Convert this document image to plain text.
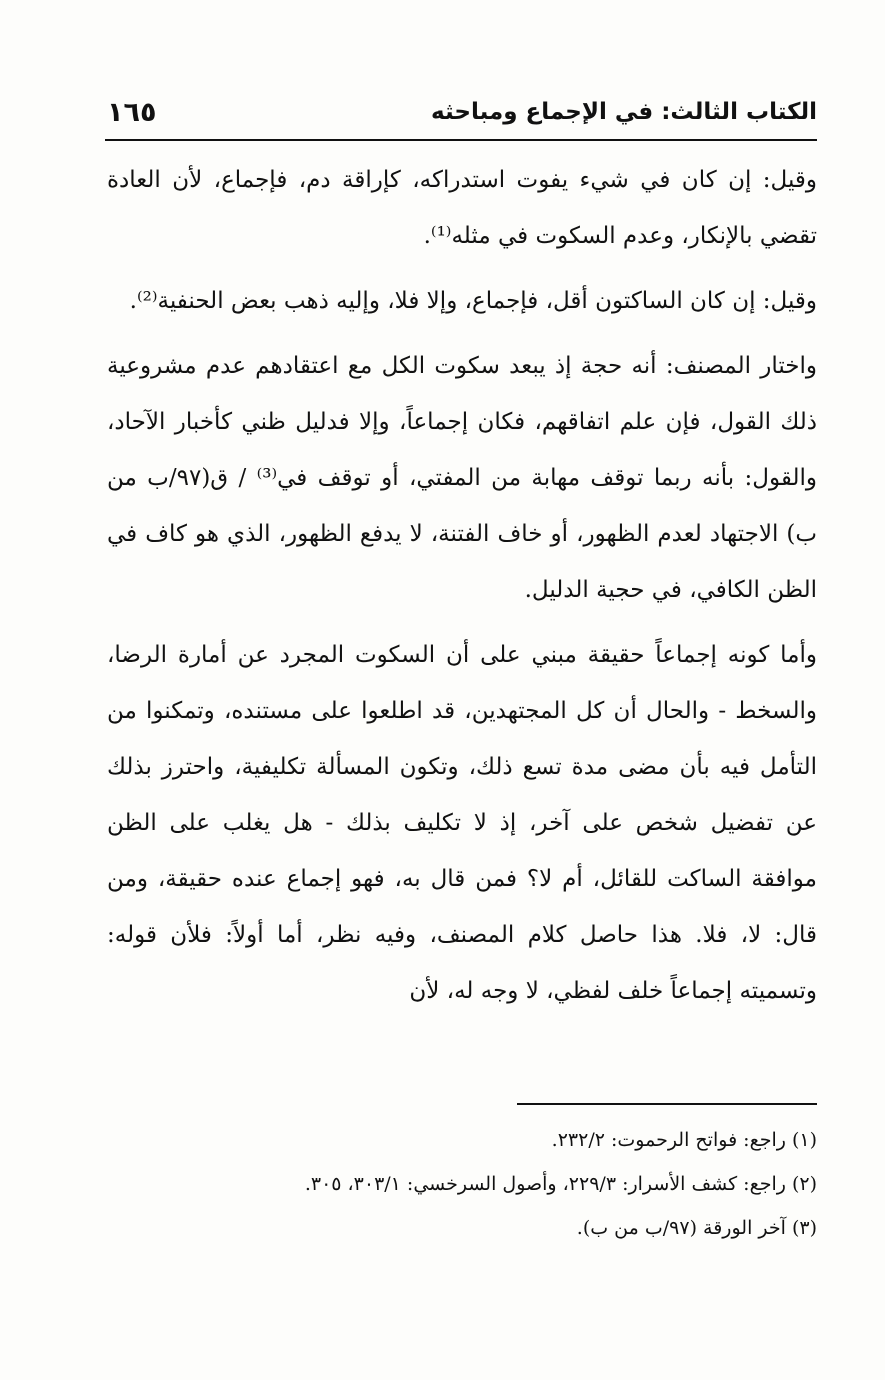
الكتاب الثالث: في الإجماع ومباحثه
١٦٥

وقيل: إن كان في شيء يفوت استدراكه، كإراقة دم، فإجماع، لأن العادة تقضي بالإنكار، وعدم السكوت في مثله⁽¹⁾.

وقيل: إن كان الساكتون أقل، فإجماع، وإلا فلا، وإليه ذهب بعض الحنفية⁽²⁾.

واختار المصنف: أنه حجة إذ يبعد سكوت الكل مع اعتقادهم عدم مشروعية ذلك القول، فإن علم اتفاقهم، فكان إجماعاً، وإلا فدليل ظني كأخبار الآحاد، والقول: بأنه ربما توقف مهابة من المفتي، أو توقف في⁽³⁾ / ق(٩٧/ب من ب) الاجتهاد لعدم الظهور، أو خاف الفتنة، لا يدفع الظهور، الذي هو كاف في الظن الكافي، في حجية الدليل.

وأما كونه إجماعاً حقيقة مبني على أن السكوت المجرد عن أمارة الرضا، والسخط - والحال أن كل المجتهدين، قد اطلعوا على مستنده، وتمكنوا من التأمل فيه بأن مضى مدة تسع ذلك، وتكون المسألة تكليفية، واحترز بذلك عن تفضيل شخص على آخر، إذ لا تكليف بذلك - هل يغلب على الظن موافقة الساكت للقائل، أم لا؟ فمن قال به، فهو إجماع عنده حقيقة، ومن قال: لا، فلا. هذا حاصل كلام المصنف، وفيه نظر، أما أولاً: فلأن قوله: وتسميته إجماعاً خلف لفظي، لا وجه له، لأن

(١) راجع: فواتح الرحموت: ٢٣٢/٢.

(٢) راجع: كشف الأسرار: ٢٢٩/٣، وأصول السرخسي: ٣٠٣/١، ٣٠٥.

(٣) آخر الورقة (٩٧/ب من ب).
